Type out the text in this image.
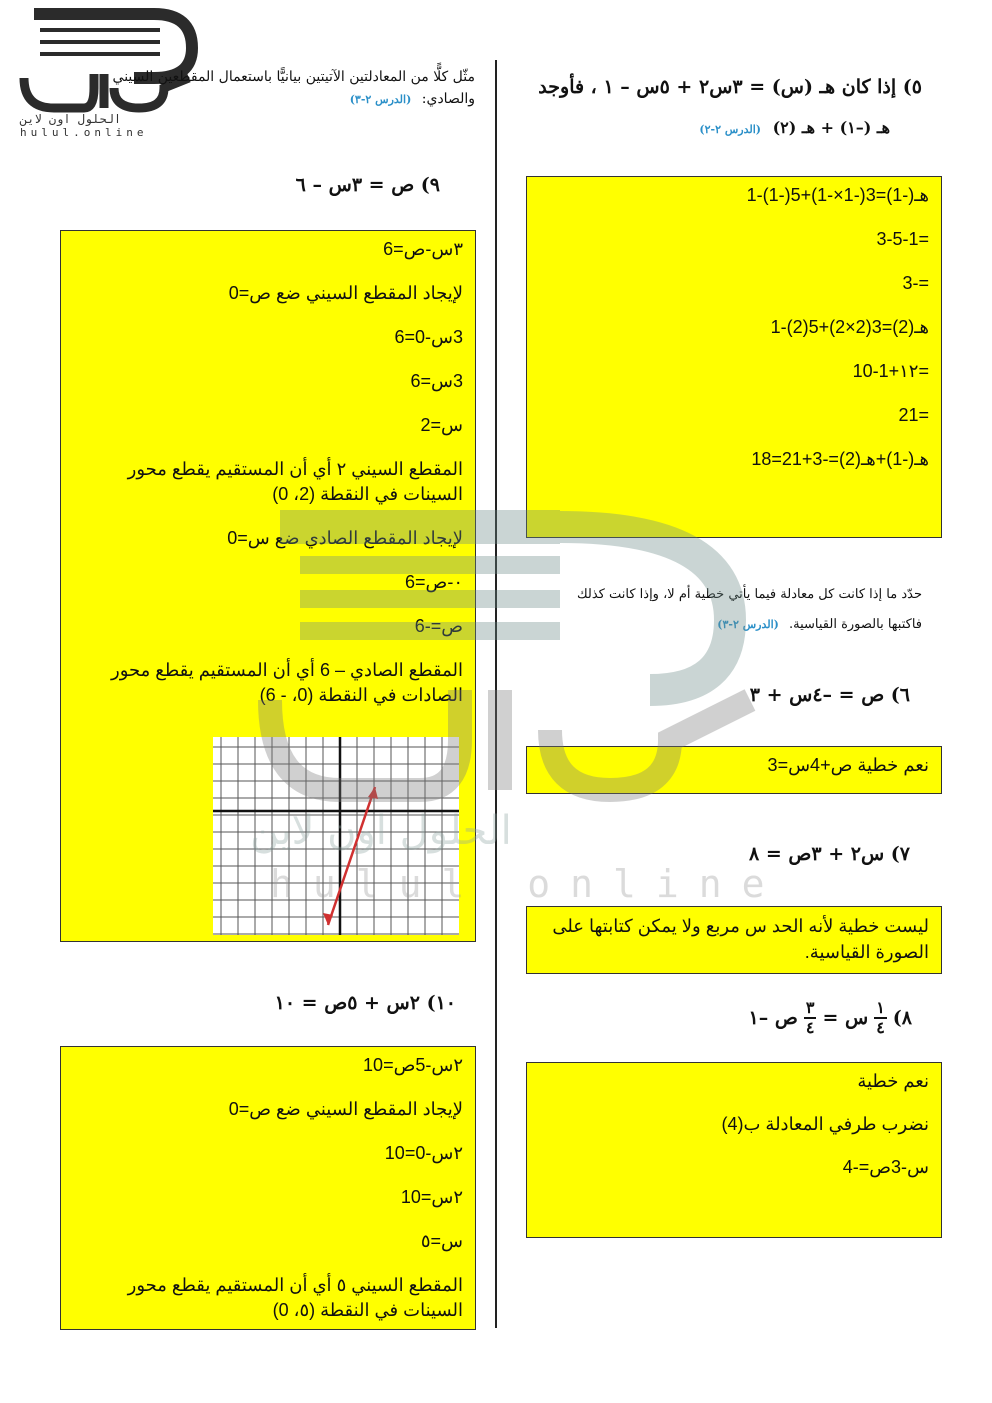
الحلول اون لاين
hulul.online
مثّل كلًّا من المعادلتين الآتيتين بيانيًّا باستعمال المقطعين السيني
والصادي: (الدرس ٢-٣)
٩) ص = ٣س – ٦
٣س-ص=6
لإيجاد المقطع السيني ضع ص=0
3س-0=6
3س=6
س=2
المقطع السيني ٢ أي أن المستقيم يقطع محور السينات في النقطة (2، 0)
لإيجاد المقطع الصادي ضع س=0
٠-ص=6
ص=-6
المقطع الصادي – 6 أي أن المستقيم يقطع محور الصادات في النقطة (0، - 6)
١٠) ٢س + ٥ص = ١٠
٢س-5ص=10
لإيجاد المقطع السيني ضع ص=0
٢س-0=10
٢س=10
س=٥
المقطع السيني ٥ أي أن المستقيم يقطع محور السينات في النقطة (٥، 0)
٥) إذا كان هـ (س) = ٣س٢ + ٥س – ١ ، فأوجد
هـ (–١) + هـ (٢) (الدرس ٢-٢)
هـ(-1)=3(-1×-1)+5(-1)-1
=3-5-1
=-3
هـ(2)=3(2×2)+5(2)-1
=١٢+10-1
=21
هـ(-1)+هـ(2)=-3+21=18
حدّد ما إذا كانت كل معادلة فيما يأتي خطية أم لا، وإذا كانت كذلك
فاكتبها بالصورة القياسية. (الدرس ٢-٣)
٦) ص = –٤س + ٣
نعم خطية ص+4س=3
٧) س٢ + ٣ص = ٨
ليست خطية لأنه الحد س مربع ولا يمكن كتابتها على الصورة القياسية.
٨)
١
٤
س =
٣
٤
ص –١
نعم خطية
نضرب طرفي المعادلة ب(4)
س-3ص=-4
الحلول اون لاين
hulul online
